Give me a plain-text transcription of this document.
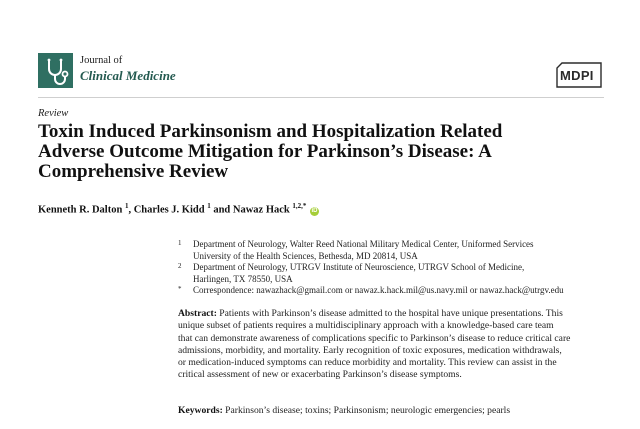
Journal of
Clinical Medicine	MDPI
Review
Toxin Induced Parkinsonism and Hospitalization Related
Adverse Outcome Mitigation for Parkinson’s Disease: A
Comprehensive Review
Kenneth R. Dalton $^1$, Charles J. Kidd $^1$ and Nawaz Hack $^{1,2,*}$ iD
1 Department of Neurology, Walter Reed National Military Medical Center, Uniformed Services
University of the Health Sciences, Bethesda, MD 20814, USA
2 Department of Neurology, UTRGV Institute of Neuroscience, UTRGV School of Medicine,
Harlingen, TX 78550, USA
* Correspondence: nawazhack@gmail.com or nawaz.k.hack.mil@us.navy.mil or nawaz.hack@utrgv.edu
Abstract: Patients with Parkinson’s disease admitted to the hospital have unique presentations. This
unique subset of patients requires a multidisciplinary approach with a knowledge-based care team
that can demonstrate awareness of complications specific to Parkinson’s disease to reduce critical care
admissions, morbidity, and mortality. Early recognition of toxic exposures, medication withdrawals,
or medication-induced symptoms can reduce morbidity and mortality. This review can assist in the
critical assessment of new or exacerbating Parkinson’s disease symptoms.
Keywords: Parkinson’s disease; toxins; Parkinsonism; neurologic emergencies; pearls
